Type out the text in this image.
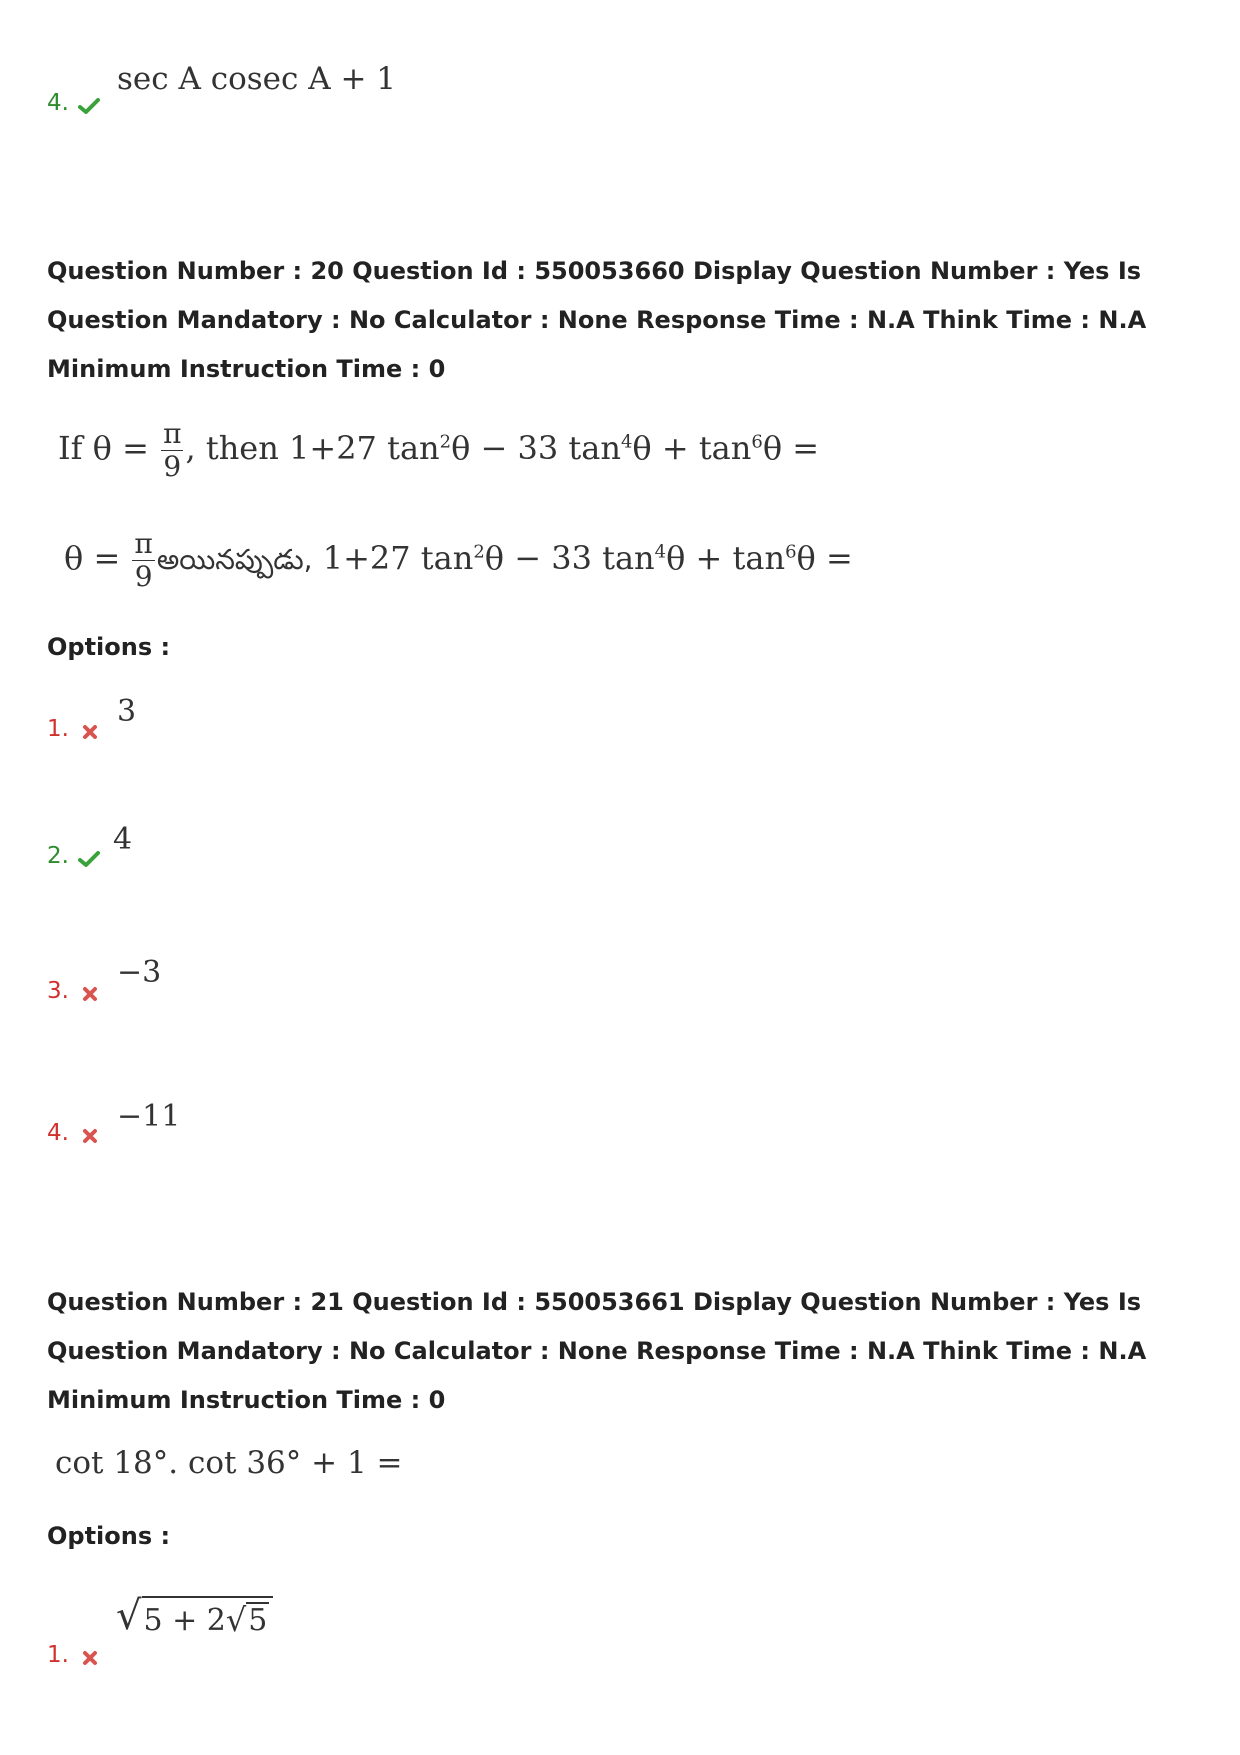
4.
sec A cosec A + 1
Question Number : 20 Question Id : 550053660 Display Question Number : Yes Is Question Mandatory : No Calculator : None Response Time : N.A Think Time : N.A Minimum Instruction Time : 0
If $\theta = \frac{\pi}{9}$ , then 1+27 $\tan^2\theta - 33$ $\tan^4\theta + \tan^6\theta$ =
$\theta = \frac{\pi}{9}$ అయినప్పుడు, 1+27 $\tan^2\theta - 33$ $\tan^4\theta + \tan^6\theta$ =
Options :
1.	3
2.	4
3.
−3
4.	−11
Question Number : 21 Question Id : 550053661 Display Question Number : Yes Is Question Mandatory : No Calculator : None Response Time : N.A Think Time : N.A Minimum Instruction Time : 0
cot 18°. cot 36° + 1 =
Options :
1.
√ 5 + 2 √ 5
